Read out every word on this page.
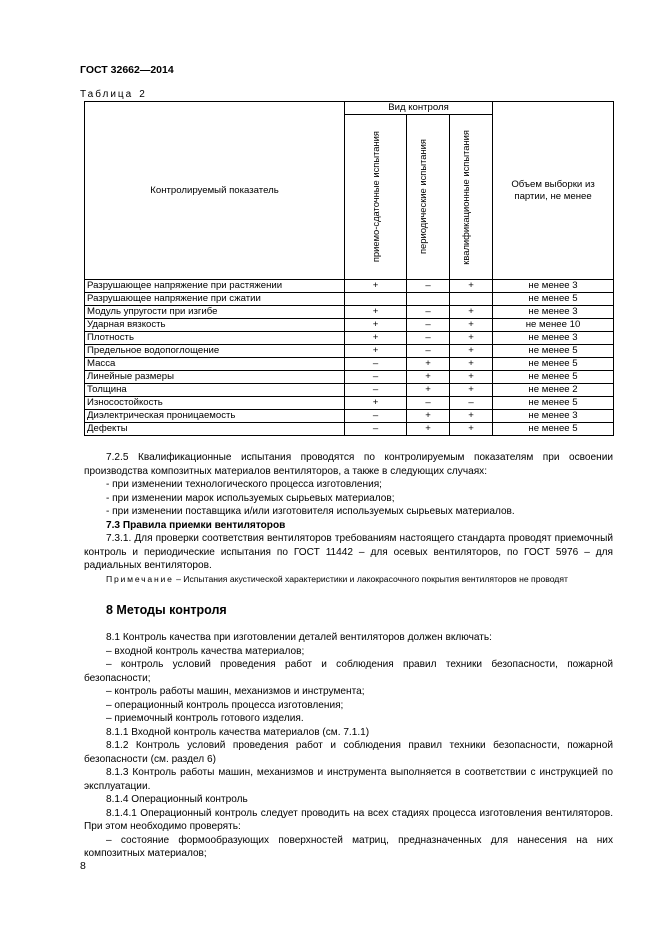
ГОСТ 32662—2014
Таблица 2
Контролируемый показатель	Вид контроля			Объем выборки из партии, не менее

	приемо-сдаточные испытания	периодические испытания	квалификационные испытания	

Разрушающее напряжение при растяжении	+	–	+	не менее 3
Разрушающее напряжение при сжатии				не менее 5
Модуль упругости при изгибе	+	–	+	не менее 3
Ударная вязкость	+	–	+	не менее 10
Плотность	+	–	+	не менее 3
Предельное водопоглощение	+	–	+	не менее 5
Масса	–	+	+	не менее 5
Линейные размеры	–	+	+	не менее 5
Толщина	–	+	+	не менее 2
Износостойкость	+	–	–	не менее 5
Диэлектрическая проницаемость	–	+	+	не менее 3
Дефекты	–	+	+	не менее 5

7.2.5 Квалификационные испытания проводятся по контролируемым показателям при освоении производства композитных материалов вентиляторов, а также в следующих случаях:

- при изменении технологического процесса изготовления;

- при изменении марок используемых сырьевых материалов;

- при изменении поставщика и/или изготовителя используемых сырьевых материалов.

7.3 Правила приемки вентиляторов

7.3.1. Для проверки соответствия вентиляторов требованиям настоящего стандарта проводят приемочный контроль и периодические испытания по ГОСТ 11442 – для осевых вентиляторов, по ГОСТ 5976 – для радиальных вентиляторов.

Примечание – Испытания акустической характеристики и лакокрасочного покрытия вентиляторов не проводят

8 Методы контроля

8.1 Контроль качества при изготовлении деталей вентиляторов должен включать:

– входной контроль качества материалов;

– контроль условий проведения работ и соблюдения правил техники безопасности, пожарной безопасности;

– контроль работы машин, механизмов и инструмента;

– операционный контроль процесса изготовления;

– приемочный контроль готового изделия.

8.1.1 Входной контроль качества материалов (см. 7.1.1)

8.1.2 Контроль условий проведения работ и соблюдения правил техники безопасности, пожарной безопасности (см. раздел 6)

8.1.3 Контроль работы машин, механизмов и инструмента выполняется в соответствии с инструкцией по эксплуатации.

8.1.4 Операционный контроль

8.1.4.1 Операционный контроль следует проводить на всех стадиях процесса изготовления вентиляторов. При этом необходимо проверять:

– состояние формообразующих поверхностей матриц, предназначенных для нанесения на них композитных материалов;

8
